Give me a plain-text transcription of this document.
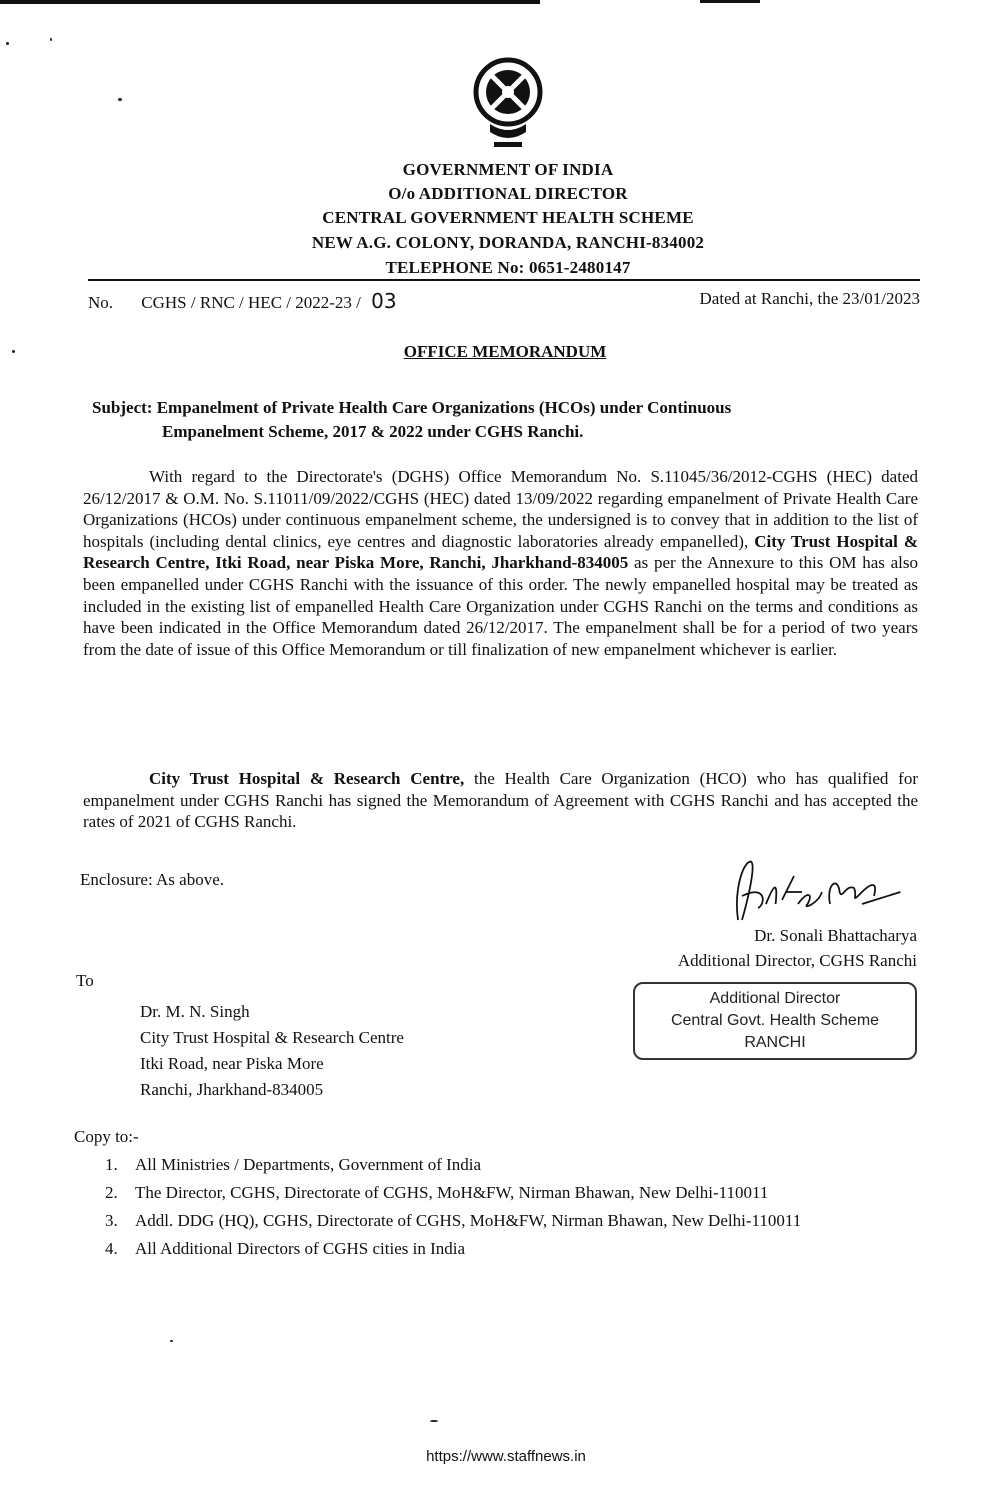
GOVERNMENT OF INDIA
O/o ADDITIONAL DIRECTOR
CENTRAL GOVERNMENT HEALTH SCHEME
NEW A.G. COLONY, DORANDA, RANCHI-834002
TELEPHONE No: 0651-2480147
No. CGHS / RNC / HEC / 2022-23 / 03	Dated at Ranchi, the 23/01/2023
OFFICE MEMORANDUM
Subject: Empanelment of Private Health Care Organizations (HCOs) under Continuous
Empanelment Scheme, 2017 & 2022 under CGHS Ranchi.
With regard to the Directorate's (DGHS) Office Memorandum No. S.11045/36/2012-CGHS (HEC) dated 26/12/2017 & O.M. No. S.11011/09/2022/CGHS (HEC) dated 13/09/2022 regarding empanelment of Private Health Care Organizations (HCOs) under continuous empanelment scheme, the undersigned is to convey that in addition to the list of hospitals (including dental clinics, eye centres and diagnostic laboratories already empanelled), City Trust Hospital & Research Centre, Itki Road, near Piska More, Ranchi, Jharkhand-834005 as per the Annexure to this OM has also been empanelled under CGHS Ranchi with the issuance of this order. The newly empanelled hospital may be treated as included in the existing list of empanelled Health Care Organization under CGHS Ranchi on the terms and conditions as have been indicated in the Office Memorandum dated 26/12/2017. The empanelment shall be for a period of two years from the date of issue of this Office Memorandum or till finalization of new empanelment whichever is earlier.
City Trust Hospital & Research Centre, the Health Care Organization (HCO) who has qualified for empanelment under CGHS Ranchi has signed the Memorandum of Agreement with CGHS Ranchi and has accepted the rates of 2021 of CGHS Ranchi.
Enclosure: As above.
Dr. Sonali Bhattacharya
Additional Director, CGHS Ranchi
Additional Director
Central Govt. Health Scheme
RANCHI
To
Dr. M. N. Singh
City Trust Hospital & Research Centre
Itki Road, near Piska More
Ranchi, Jharkhand-834005
Copy to:-
1. All Ministries / Departments, Government of India
2. The Director, CGHS, Directorate of CGHS, MoH&FW, Nirman Bhawan, New Delhi-110011
3. Addl. DDG (HQ), CGHS, Directorate of CGHS, MoH&FW, Nirman Bhawan, New Delhi-110011
4. All Additional Directors of CGHS cities in India
https://www.staffnews.in
